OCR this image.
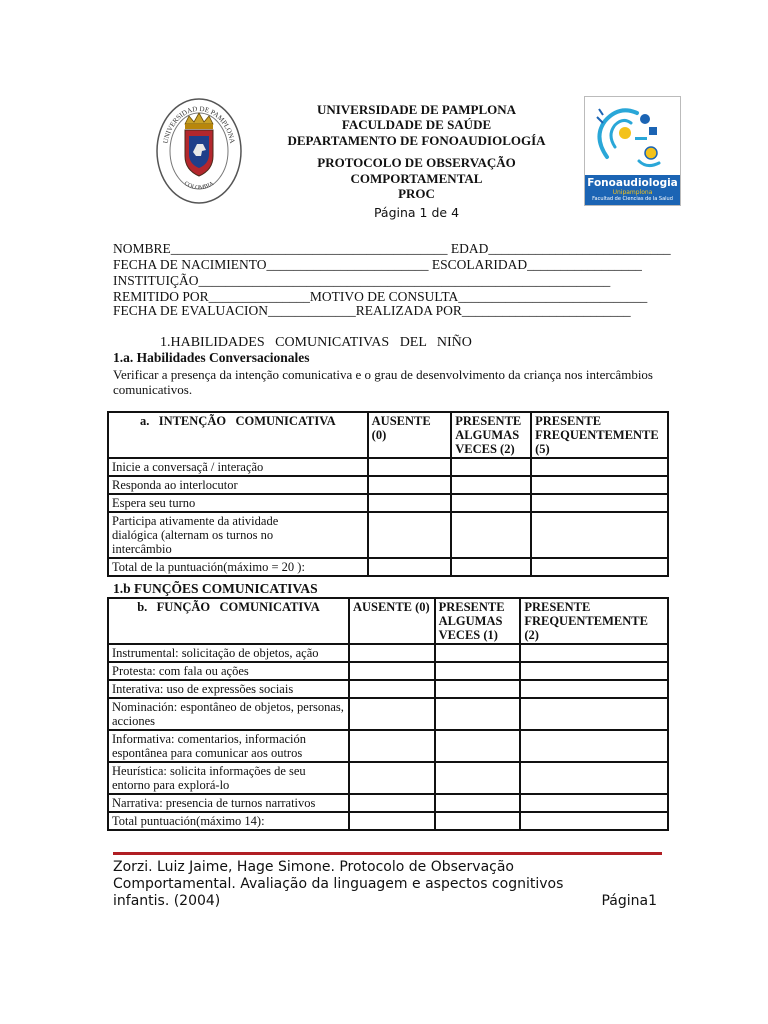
UNIVERSIDAD DE PAMPLONA
COLOMBIA
UNIVERSIDADE DE PAMPLONA
FACULDADE DE SAÚDE
DEPARTAMENTO DE FONOAUDIOLOGÍA
PROTOCOLO DE OBSERVAÇÃO
COMPORTAMENTAL
PROC
Página 1 de 4
Fonoaudiologia
Unipamplona
Facultad de Ciencias de la Salud
NOMBRE_________________________________________ EDAD___________________________
FECHA DE NACIMIENTO________________________ ESCOLARIDAD_________________
INSTITUIÇÃO_____________________________________________________________
REMITIDO POR_______________MOTIVO DE CONSULTA____________________________
FECHA DE EVALUACION_____________REALIZADA POR_________________________
1.HABILIDADES   COMUNICATIVAS   DEL   NIÑO
1.a. Habilidades Conversacionales
Verificar a presença da intenção comunicativa e o grau de desenvolvimento da criança nos intercâmbios comunicativos.
a.   INTENÇÃO   COMUNICATIVA	AUSENTE (0)	PRESENTE ALGUMAS VECES (2)	PRESENTE FREQUENTEMENTE (5)
Inicie a conversaçã / interação			
Responda ao interlocutor			
Espera seu turno			
Participa ativamente da atividade dialógica (alternam os turnos no intercâmbio			
Total de la puntuación(máximo = 20 ):			
1.b FUNÇÕES COMUNICATIVAS
b.   FUNÇÃO   COMUNICATIVA	AUSENTE (0)	PRESENTE ALGUMAS VECES (1)	PRESENTE FREQUENTEMENTE (2)
Instrumental: solicitação de objetos, ação			
Protesta: com fala ou ações			
Interativa: uso de expressões sociais			
Nominación: espontâneo de objetos, personas, acciones			
Informativa: comentarios, información espontânea para comunicar aos outros			
Heurística: solicita informações de seu entorno para explorá-lo			
Narrativa: presencia de turnos narrativos			
Total puntuación(máximo 14):			
Zorzi. Luiz Jaime, Hage Simone. Protocolo de Observação
Comportamental. Avaliação da linguagem e aspectos cognitivos
infantis. (2004)	Página1
